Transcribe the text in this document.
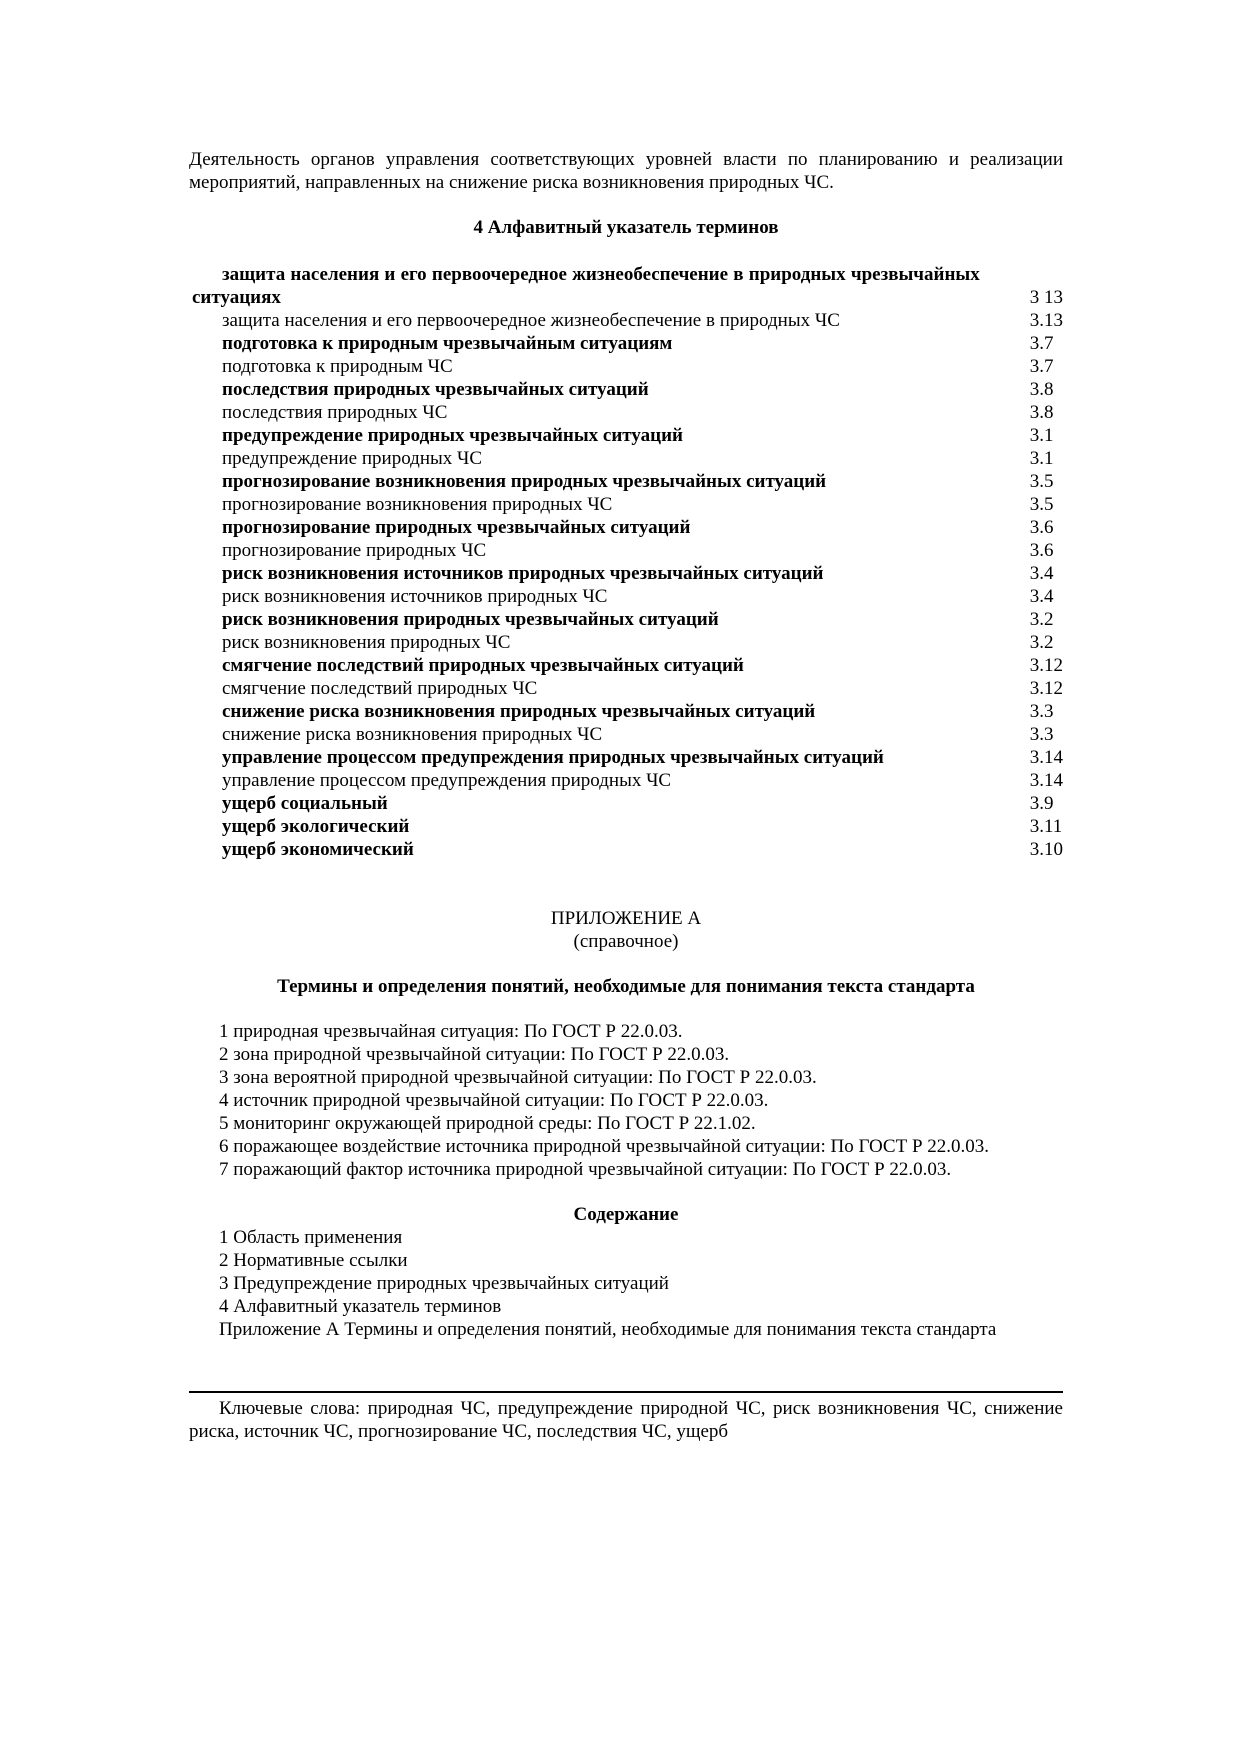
Деятельность органов управления соответствующих уровней власти по планированию и реализации мероприятий, направленных на снижение риска возникновения природных ЧС.

4 Алфавитный указатель терминов

защита населения и его первоочередное жизнеобеспечение в природных чрезвычайных ситуациях	3 13
защита населения и его первоочередное жизнеобеспечение в природных ЧС	3.13
подготовка к природным чрезвычайным ситуациям	3.7
подготовка к природным ЧС	3.7
последствия природных чрезвычайных ситуаций	3.8
последствия природных ЧС	3.8
предупреждение природных чрезвычайных ситуаций	3.1
предупреждение природных ЧС	3.1
прогнозирование возникновения природных чрезвычайных ситуаций	3.5
прогнозирование возникновения природных ЧС	3.5
прогнозирование природных чрезвычайных ситуаций	3.6
прогнозирование природных ЧС	3.6
риск возникновения источников природных чрезвычайных ситуаций	3.4
риск возникновения источников природных ЧС	3.4
риск возникновения природных чрезвычайных ситуаций	3.2
риск возникновения природных ЧС	3.2
смягчение последствий природных чрезвычайных ситуаций	3.12
смягчение последствий природных ЧС	3.12
снижение риска возникновения природных чрезвычайных ситуаций	3.3
снижение риска возникновения природных ЧС	3.3
управление процессом предупреждения природных чрезвычайных ситуаций	3.14
управление процессом предупреждения природных ЧС	3.14
ущерб социальный	3.9
ущерб экологический	3.11
ущерб экономический	3.10

ПРИЛОЖЕНИЕ А

(справочное)

Термины и определения понятий, необходимые для понимания текста стандарта

1 природная чрезвычайная ситуация: По ГОСТ Р 22.0.03.

2 зона природной чрезвычайной ситуации: По ГОСТ Р 22.0.03.

3 зона вероятной природной чрезвычайной ситуации: По ГОСТ Р 22.0.03.

4 источник природной чрезвычайной ситуации: По ГОСТ Р 22.0.03.

5 мониторинг окружающей природной среды: По ГОСТ Р 22.1.02.

6 поражающее воздействие источника природной чрезвычайной ситуации: По ГОСТ Р 22.0.03.

7 поражающий фактор источника природной чрезвычайной ситуации: По ГОСТ Р 22.0.03.

Содержание

1 Область применения

2 Нормативные ссылки

3 Предупреждение природных чрезвычайных ситуаций

4 Алфавитный указатель терминов

Приложение А Термины и определения понятий, необходимые для понимания текста стандарта

Ключевые слова: природная ЧС, предупреждение природной ЧС, риск возникновения ЧС, снижение риска, источник ЧС, прогнозирование ЧС, последствия ЧС, ущерб
